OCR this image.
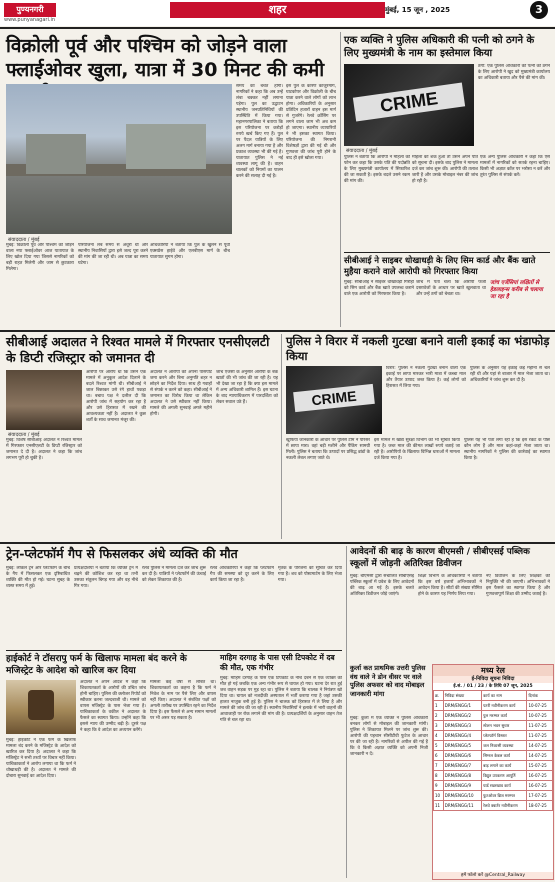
पुण्यनगरी
www.punyanagari.in
शहर	मुंबई, 15 जून , 2025	3
विक्रोली पूर्व और पश्चिम को जोड़ने वाला फ्लाईओवर खुला, यात्रा में 30 मिनट की कमी
संवाददाता / मुंबई
मुंबई: विक्रोली पूर्व और पश्चिम को जोड़ने वाला नया फ्लाईओवर आज यातायात के लिए खोल दिया गया जिससे नागरिकों को बड़ी राहत मिलेगी और जाम से छुटकारा मिलेगा।
परियोजना लंबे समय से अधूरी थी और स्थानीय निवासियों द्वारा इसे जल्द पूरा करने की मांग की जा रही थी। अब यात्रा का समय घटेगा।
अधिकारियों ने बताया कि पुल के खुलने से पूर्वी एक्सप्रेस हाईवे और एलबीएस मार्ग के बीच यातायात सुगम होगा।
समय की बचत होगी। नागरिकों ने कहा कि अब उन्हें लंबा चक्कर नहीं लगाना पड़ेगा। पुल का उद्घाटन स्थानीय जनप्रतिनिधियों की उपस्थिति में किया गया। महानगरपालिका ने बताया कि इस परियोजना पर करोड़ों रुपये खर्च किए गए हैं। पुल पर पैदल यात्रियों के लिए अलग मार्ग बनाया गया है और प्रकाश व्यवस्था भी की गई है। यातायात पुलिस ने नई व्यवस्था लागू की है। वाहन चालकों को नियमों का पालन करने की सलाह दी गई है।
इस पुल के कारण कांजुरमार्ग, घाटकोपर और विक्रोली के बीच यात्रा करने वाले लोगों को लाभ होगा। अधिकारियों के अनुसार प्रतिदिन हजारों वाहन इस मार्ग से गुजरेंगे। रेलवे क्रॉसिंग पर लगने वाला जाम भी अब कम हो जाएगा। स्थानीय व्यापारियों ने भी इसका स्वागत किया। परियोजना की निगरानी विशेषज्ञों द्वारा की गई थी और गुणवत्ता की जांच पूरी होने के बाद ही इसे खोला गया।
एक व्यक्ति ने पुलिस अधिकारी की पत्नी को ठगने के लिए मुख्यमंत्री के नाम का इस्तेमाल किया
CRIME
ठगी: एक पुलिस अधिकारी की पत्नी को ठगने के लिए आरोपी ने खुद को मुख्यमंत्री कार्यालय का अधिकारी बताया और पैसे की मांग की।
संवाददाता / मुंबई
पुलिस ने बताया कि आरोपी ने महिला को फोन कर कहा कि उसके पति की पदोन्नति के लिए मुख्यमंत्री कार्यालय में सिफारिश की जा सकती है। इसके बदले उसने रकम की मांग की।
महिला को शक हुआ तो उसने अपने पति को सूचना दी। इसके बाद पुलिस ने मामला दर्ज कर जांच शुरू की। आरोपी की तलाश जारी है और उसके मोबाइल नंबर की जांच हो रही है।
एक अन्य पुलिस अधिकारी ने कहा कि ऐसे मामलों में नागरिकों को सतर्क रहना चाहिए। किसी भी अज्ञात कॉल पर भरोसा न करें और तुरंत पुलिस से संपर्क करें।
सीबीआई ने साइबर धोखाधड़ी के लिए सिम कार्ड और बैंक खाते मुहैया कराने वाले आरोपी को गिरफ्तार किया
मुंबई: सीबीआई ने साइबर धोखाधड़ी गिरोहों को सिम कार्ड और बैंक खाते उपलब्ध कराने वाले एक आरोपी को गिरफ्तार किया है।
जांच में पता चला कि आरोपी फर्जी दस्तावेजों के आधार पर खाते खुलवाता था और उन्हें ठगों को बेचता था।
जांच एजेंसियां लक्षितों से हेडलाइन्स करीब से चलाया जा रहा है
सीबीआई अदालत ने रिश्वत मामले में गिरफ्तार एनसीएलटी के डिप्टी रजिस्ट्रार को जमानत दी
संवाददाता / मुंबई
मुंबई: विशेष सीबीआई अदालत ने रिश्वत मामले में गिरफ्तार एनसीएलटी के डिप्टी रजिस्ट्रार को जमानत दे दी है। अदालत ने कहा कि जांच लगभग पूरी हो चुकी है।
आरोपी पर आरोप था कि उसने एक मामले में अनुकूल आदेश दिलाने के बदले रिश्वत मांगी थी। सीबीआई ने जाल बिछाकर उसे रंगे हाथों पकड़ा था। बचाव पक्ष ने दलील दी कि आरोपी जांच में सहयोग कर रहा है और उसे हिरासत में रखने की आवश्यकता नहीं है। अदालत ने कुछ शर्तों के साथ जमानत मंजूर की।
अदालत ने आरोपी को अपना पासपोर्ट जमा करने और बिना अनुमति शहर न छोड़ने का निर्देश दिया। साथ ही गवाहों से संपर्क न करने को कहा। सीबीआई ने जमानत का विरोध किया था लेकिन अदालत ने उसे स्वीकार नहीं किया। मामले की अगली सुनवाई अगले महीने होगी।
जांच एजेंसी के अनुसार आरोपी के बैंक खातों की भी जांच की जा रही है। यह भी देखा जा रहा है कि क्या इस मामले में अन्य अधिकारी शामिल हैं। इस घटना के बाद न्यायाधिकरण में पारदर्शिता को लेकर सवाल उठे हैं।
पुलिस ने विरार में नकली गुटखा बनाने वाली इकाई का भंडाफोड़ किया
CRIME
विरार: पुलिस ने नकली गुटखा बनाने वाली एक इकाई पर छापा मारकर भारी मात्रा में कच्चा माल और तैयार उत्पाद जब्त किया है। कई लोगों को हिरासत में लिया गया।
पुलिस के अनुसार यह इकाई कई महीनों से चल रही थी और यहां से बाजार में माल भेजा जाता था। अधिकारियों ने जांच शुरू कर दी है।
खुफिया जानकारी के आधार पर पुलिस टीम ने परिसर में छापा मारा। वहां बड़ी मशीनें और पैकिंग सामग्री मिली। पुलिस ने बताया कि उत्पादों पर प्रसिद्ध ब्रांडों के नकली लेबल लगाए जाते थे।
इस मामले में खाद्य सुरक्षा विभाग को भी सूचित किया गया है। जब्त माल की कीमत लाखों रुपये बताई जा रही है। आरोपियों के खिलाफ विभिन्न धाराओं में मामला दर्ज किया गया है।
पुलिस यह भी पता लगा रही है कि इस रैकेट के पीछे कौन लोग हैं और माल कहां-कहां भेजा जाता था। स्थानीय नागरिकों ने पुलिस की कार्रवाई का स्वागत किया है।
ट्रेन-प्लेटफॉर्म गैप से फिसलकर अंधे व्यक्ति की मौत
मुंबई: लोकल ट्रेन और प्लेटफॉर्म के बीच के गैप में फिसलकर एक दृष्टिबाधित व्यक्ति की मौत हो गई। घटना सुबह के व्यस्त समय में हुई।
प्रत्यक्षदर्शियों ने बताया कि व्यक्ति ट्रेन में चढ़ने की कोशिश कर रहा था तभी उसका संतुलन बिगड़ गया और वह नीचे गिर गया।
रेलवे पुलिस ने मामला दर्ज कर जांच शुरू कर दी है। यात्रियों ने प्लेटफॉर्म की ऊंचाई को लेकर शिकायत की है।
रेलवे अधिकारियों ने कहा कि प्लेटफॉर्म गैप की समस्या को दूर करने के लिए कार्य किया जा रहा है।
मृतक के परिजनों को सूचित कर दिया गया है। शव को पोस्टमार्टम के लिए भेजा गया।
आवेदनों की बाढ़ के कारण बीएमसी / सीबीएसई पब्लिक स्कूलों में जोड़नी अतिरिक्त डिवीजन
मुंबई: बीएमसी द्वारा संचालित सीबीएसई पब्लिक स्कूलों में प्रवेश के लिए आवेदनों की बाढ़ आ गई है। इसके चलते अतिरिक्त डिवीजन जोड़े जाएंगे।
शिक्षा विभाग के अधिकारियों ने बताया कि इस वर्ष हजारों अभिभावकों ने आवेदन किया है। सीटों की संख्या सीमित होने के कारण यह निर्णय लिया गया।
नए डिवीजन के लिए शिक्षकों की नियुक्ति भी की जाएगी। अभिभावकों ने इस फैसले का स्वागत किया है और गुणवत्तापूर्ण शिक्षा की उम्मीद जताई है।
हाईकोर्ट ने टॉसरापु फर्म के खिलाफ मामला बंद करने के मजिस्ट्रेट के आदेश को खारिज कर दिया
मुंबई: हाईकोर्ट ने एक फर्म के खिलाफ मामला बंद करने के मजिस्ट्रेट के आदेश को खारिज कर दिया है। अदालत ने कहा कि मजिस्ट्रेट ने सभी तथ्यों पर विचार नहीं किया। याचिकाकर्ता ने आरोप लगाया था कि फर्म ने धोखाधड़ी की है। अदालत ने मामले की दोबारा सुनवाई का आदेश दिया।
अदालत ने अपने आदेश में कहा कि शिकायतकर्ता के आरोपों की उचित जांच होनी चाहिए। पुलिस की क्लोजर रिपोर्ट को स्वीकार करना जल्दबाजी थी। मामले को वापस मजिस्ट्रेट के पास भेजा गया है। याचिकाकर्ता के वकील ने अदालत के फैसले का स्वागत किया। उन्होंने कहा कि इससे न्याय की उम्मीद बढ़ी है। दूसरे पक्ष ने कहा कि वे आदेश का अध्ययन करेंगे।
मामला कई वर्षों से लंबित था। शिकायतकर्ता का कहना है कि फर्म ने निवेश के नाम पर पैसे लिए और वापस नहीं किए। अदालत ने संबंधित पक्षों को अगली तारीख पर उपस्थित रहने का निर्देश दिया है। इस फैसले से अन्य समान मामलों पर भी असर पड़ सकता है।
माहिम दरगाह के पास एसी टिपकोट में दब की मौत, एक गंभीर
मुंबई: माहिम दरगाह के पास एक टिपकोट के नीचे दबने से एक व्यक्ति की मौत हो गई जबकि एक अन्य गंभीर रूप से घायल हो गया। घटना देर रात हुई जब वाहन सड़क पर मुड़ रहा था। पुलिस ने बताया कि चालक ने नियंत्रण खो दिया था। घायल को नजदीकी अस्पताल में भर्ती कराया गया है जहां उसकी हालत नाजुक बनी हुई है। पुलिस ने चालक को हिरासत में ले लिया है और मामले की जांच की जा रही है। स्थानीय निवासियों ने इलाके में भारी वाहनों की आवाजाही पर रोक लगाने की मांग की है। प्रत्यक्षदर्शियों के अनुसार वाहन तेज गति से चल रहा था।
कुर्ला कत प्राथमिक उत्तरी पुलिस वंध वाले ने डोन वीसर पर वाले पुलिस अफसर को वाद मोबाइल जानकारी मांगा
मुंबई: कुर्ला में एक व्यक्ति ने पुलिस अधिकारी बनकर लोगों से मोबाइल की जानकारी मांगी। पुलिस ने शिकायत मिलने पर जांच शुरू की। आरोपी की पहचान सीसीटीवी फुटेज के आधार पर की जा रही है। नागरिकों से अपील की गई है कि वे किसी अज्ञात व्यक्ति को अपनी निजी जानकारी न दें।
मध्य रेल
ई-निविदा सूचना निविदा
ई.सं. / 01 / 23 / के तिथि 07 जून, 2025
क्र.	निविदा संख्या	कार्य का नाम	दिनांक
1	DRM/ENGG/1	पटरी नवीनीकरण कार्य	10-07-25
2	DRM/ENGG/2	पुल मरम्मत कार्य	10-07-25
3	DRM/ENGG/3	स्टेशन भवन सुधार	11-07-25
4	DRM/ENGG/4	प्लेटफॉर्म विस्तार	11-07-25
5	DRM/ENGG/5	जल निकासी व्यवस्था	14-07-25
6	DRM/ENGG/6	सिग्नल केबल कार्य	14-07-25
7	DRM/ENGG/7	बाड़ लगाने का कार्य	15-07-25
8	DRM/ENGG/8	विद्युत उपकरण आपूर्ति	16-07-25
9	DRM/ENGG/9	यार्ड रखरखाव कार्य	16-07-25
10	DRM/ENGG/10	फुटओवर ब्रिज मरम्मत	17-07-25
11	DRM/ENGG/11	रेलवे क्वार्टर नवीनीकरण	18-07-25
हमें फॉलो करें @Central_Railway
